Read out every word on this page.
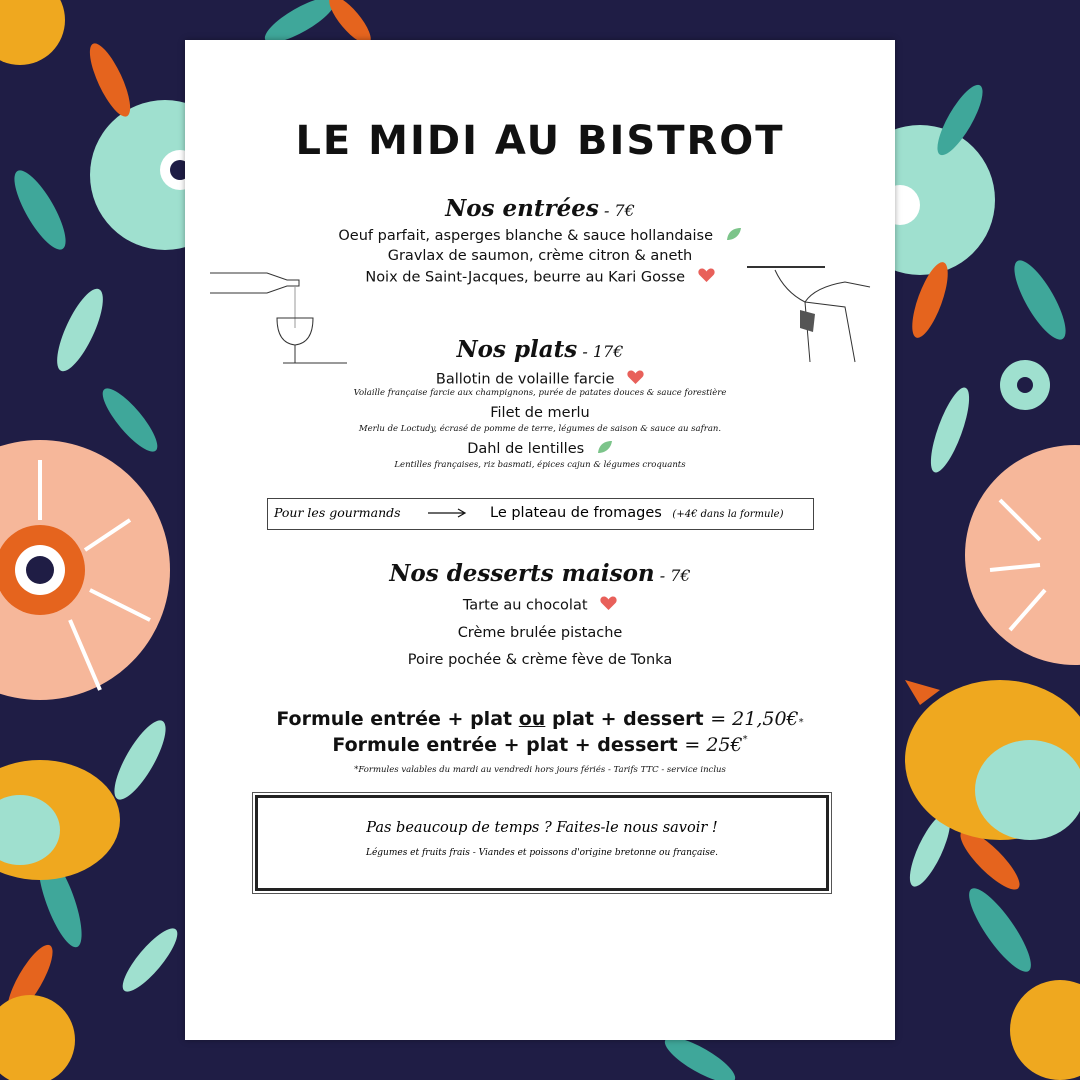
LE MIDI AU BISTROT
Nos entrées - 7€
Oeuf parfait, asperges blanche & sauce hollandaise
Gravlax de saumon, crème citron & aneth
Noix de Saint-Jacques, beurre au Kari Gosse
Nos plats - 17€
Ballotin de volaille farcie
Volaille française farcie aux champignons, purée de patates douces & sauce forestière
Filet de merlu
Merlu de Loctudy, écrasé de pomme de terre, légumes de saison & sauce au safran.
Dahl de lentilles
Lentilles françaises, riz basmati, épices cajun & légumes croquants
Pour les gourmands	Le plateau de fromages (+4€ dans la formule)
Nos desserts maison - 7€
Tarte au chocolat
Crème brulée pistache
Poire pochée & crème fève de Tonka
Formule entrée + plat ou plat + dessert = 21,50€*
Formule entrée + plat + dessert = 25€*
*Formules valables du mardi au vendredi hors jours fériés - Tarifs TTC - service inclus
Pas beaucoup de temps ? Faites-le nous savoir !
Légumes et fruits frais - Viandes et poissons d'origine bretonne ou française.
